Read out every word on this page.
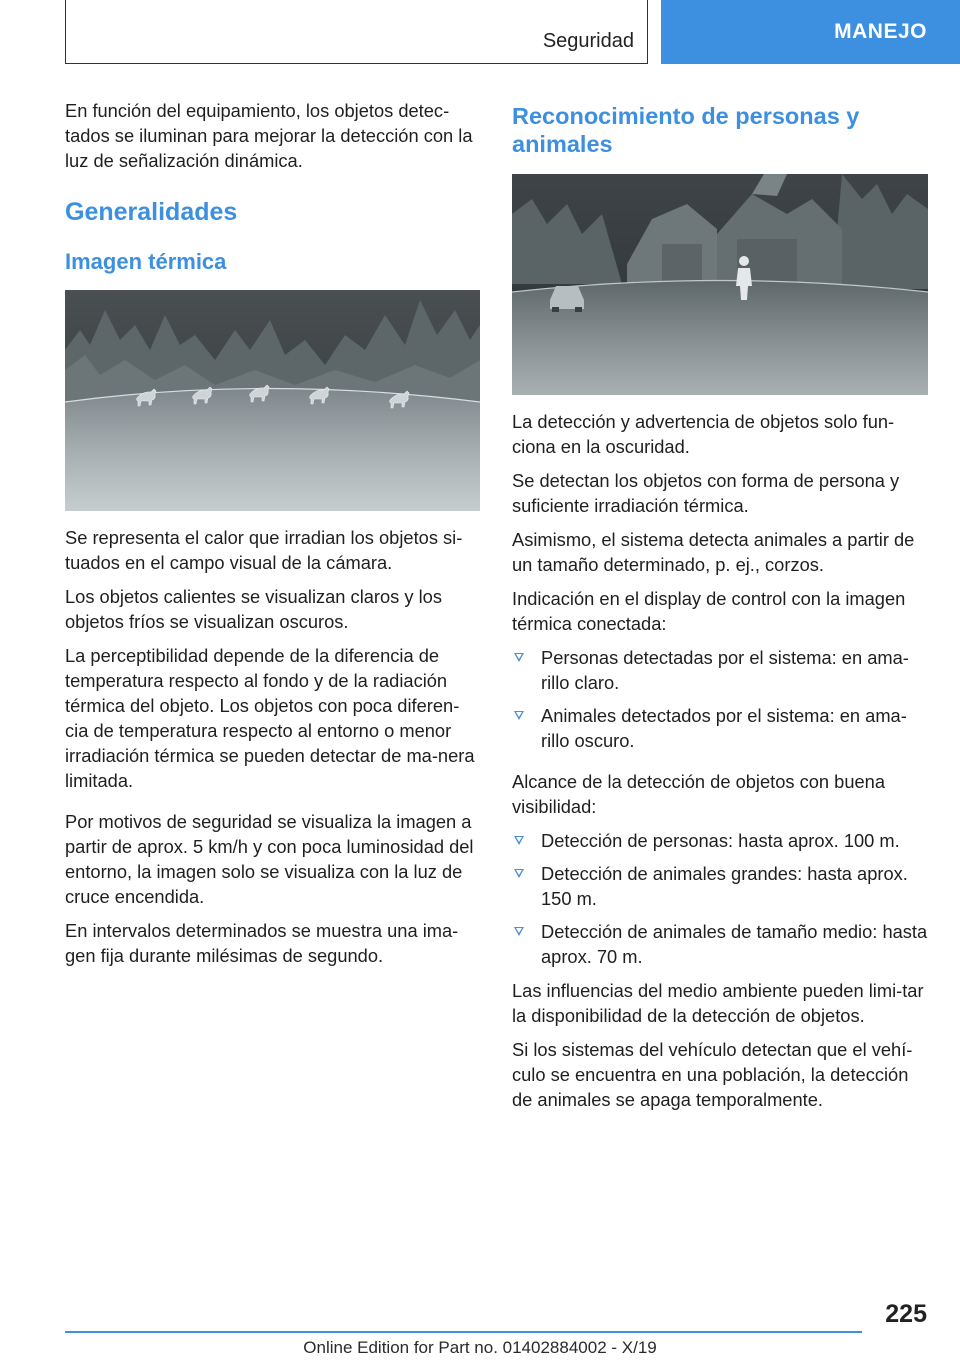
Seguridad	MANEJO

En función del equipamiento, los objetos detec-tados se iluminan para mejorar la detección con la luz de señalización dinámica.

Generalidades
Imagen térmica

Se representa el calor que irradian los objetos si-tuados en el campo visual de la cámara.

Los objetos calientes se visualizan claros y los objetos fríos se visualizan oscuros.

La perceptibilidad depende de la diferencia de temperatura respecto al fondo y de la radiación térmica del objeto. Los objetos con poca diferen-cia de temperatura respecto al entorno o menor irradiación térmica se pueden detectar de ma-nera limitada.

Por motivos de seguridad se visualiza la imagen a partir de aprox. 5 km/h y con poca luminosidad del entorno, la imagen solo se visualiza con la luz de cruce encendida.

En intervalos determinados se muestra una ima-gen fija durante milésimas de segundo.

Reconocimiento de personas y animales

La detección y advertencia de objetos solo fun-ciona en la oscuridad.

Se detectan los objetos con forma de persona y suficiente irradiación térmica.

Asimismo, el sistema detecta animales a partir de un tamaño determinado, p. ej., corzos.

Indicación en el display de control con la imagen térmica conectada:

Personas detectadas por el sistema: en ama-rillo claro.
Animales detectados por el sistema: en ama-rillo oscuro.

Alcance de la detección de objetos con buena visibilidad:

Detección de personas: hasta aprox. 100 m.
Detección de animales grandes: hasta aprox. 150 m.
Detección de animales de tamaño medio: hasta aprox. 70 m.

Las influencias del medio ambiente pueden limi-tar la disponibilidad de la detección de objetos.

Si los sistemas del vehículo detectan que el vehí-culo se encuentra en una población, la detección de animales se apaga temporalmente.

225
Online Edition for Part no. 01402884002 - X/19
